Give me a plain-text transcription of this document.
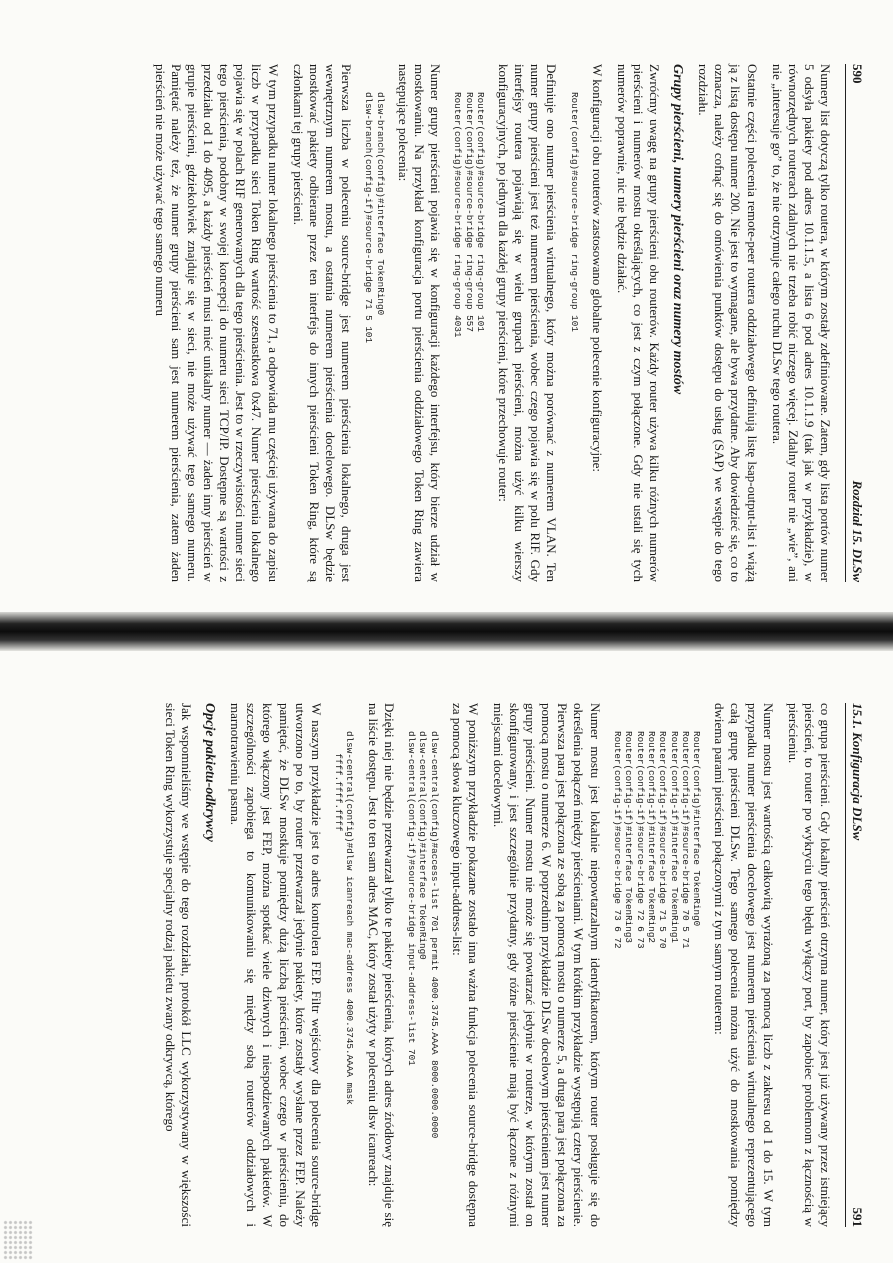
590
Rozdział 15. DLSw

Numery list dotyczą tylko routera, w którym zostały zdefiniowane. Zatem, gdy lista portów numer 5 odsyła pakiety pod adres 10.1.1.5, a lista 6 pod adres 10.1.1.9 (tak jak w przykładzie), w równorzędnych routerach zdalnych nie trzeba robić niczego więcej. Zdalny router nie „wie”, ani nie „interesuje go” to, że nie otrzymuje całego ruchu DLSw tego routera.

Ostatnie części polecenia remote-peer routera oddziałowego definiują listę lsap-output-list i wiążą ją z listą dostępu numer 200. Nie jest to wymagane, ale bywa przydatne. Aby dowiedzieć się, co to oznacza, należy cofnąć się do omówienia punktów dostępu do usług (SAP) we wstępie do tego rozdziału.

Grupy pierścieni, numery pierścieni oraz numery mostów

Zwróćmy uwagę na grupy pierścieni obu routerów. Każdy router używa kilku różnych numerów pierścieni i numerów mostu określających, co jest z czym połączone. Gdy nie ustali się tych numerów poprawnie, nic nie będzie działać.

W konfiguracji obu routerów zastosowano globalne polecenie konfiguracyjne:

Router(config)#source-bridge ring-group 101

Definiuje ono numer pierścienia wirtualnego, który można porównać z numerem VLAN. Ten numer grupy pierścieni jest też numerem pierścienia, wobec czego pojawia się w polu RIF. Gdy interfejsy routera pojawiają się w wielu grupach pierścieni, można użyć kilku wierszy konfiguracyjnych, po jednym dla każdej grupy pierścieni, które przechowuje router:

Router(config)#source-bridge ring-group 101
Router(config)#source-bridge ring-group 557
Router(config)#source-bridge ring-group 4031

Numer grupy pierścieni pojawia się w konfiguracji każdego interfejsu, który bierze udział w mostkowaniu. Na przykład konfiguracja portu pierścienia oddziałowego Token Ring zawiera następujące polecenia:

dlsw-branch(config)#interface TokenRing0
dlsw-branch(config-if)#source-bridge 71 5 101

Pierwsza liczba w poleceniu source-bridge jest numerem pierścienia lokalnego, druga jest wewnętrznym numerem mostu, a ostatnia numerem pierścienia docelowego. DLSw będzie mostkować pakiety odbierane przez ten interfejs do innych pierścieni Token Ring, które są członkami tej grupy pierścieni.

W tym przypadku numer lokalnego pierścienia to 71, a odpowiada mu częściej używana do zapisu liczb w przypadku sieci Token Ring wartość szesnastkowa 0x47. Numer pierścienia lokalnego pojawia się w polach RIF generowanych dla tego pierścienia. Jest to w rzeczywistości numer sieci tego pierścienia, podobny w swojej koncepcji do numeru sieci TCP/IP. Dostępne są wartości z przedziału od 1 do 4095, a każdy pierścień musi mieć unikalny numer — żaden inny pierścień w grupie pierścieni, gdziekolwiek znajduje się w sieci, nie może używać tego samego numeru. Pamiętać należy też, że numer grupy pierścieni sam jest numerem pierścienia, zatem żaden pierścień nie może używać tego samego numeru

15.1. Konfiguracja DLSw
591

co grupa pierścieni. Gdy lokalny pierścień otrzyma numer, który jest już używany przez istniejący pierścień, to router po wykryciu tego błędu wyłączy port, by zapobiec problemom z łącznością w pierścieniu.

Numer mostu jest wartością całkowitą wyrażoną za pomocą liczb z zakresu od 1 do 15. W tym przypadku numer pierścienia docelowego jest numerem pierścienia wirtualnego reprezentującego całą grupę pierścieni DLSw. Tego samego polecenia można użyć do mostkowania pomiędzy dwiema parami pierścieni połączonymi z tym samym routerem:

Router(config)#interface TokenRing0
Router(config-if)#source-bridge 70 5 71
Router(config-if)#interface TokenRing1
Router(config-if)#source-bridge 71 5 70
Router(config-if)#interface TokenRing2
Router(config-if)#source-bridge 72 6 73
Router(config-if)#interface TokenRing3
Router(config-if)#source-bridge 73 6 72

Numer mostu jest lokalnie niepowtarzalnym identyfikatorem, którym router posługuje się do określenia połączeń między pierścieniami. W tym krótkim przykładzie występują cztery pierścienie. Pierwsza para jest połączona ze sobą za pomocą mostu o numerze 5, a druga para jest połączona za pomocą mostu o numerze 6. W poprzednim przykładzie DLSw docelowym pierścieniem jest numer grupy pierścieni. Numer mostu nie może się powtarzać jedynie w routerze, w którym został on skonfigurowany, i jest szczególnie przydatny, gdy różne pierścienie mają być łączone z różnymi miejscami docelowymi.

W poniższym przykładzie pokazane zostało inna ważna funkcja polecenia source-bridge dostępna za pomocą słowa kluczowego input-address-list:

dlsw-central(config)#access-list 701 permit 4000.3745.AAAA 8000.0000.0000
dlsw-central(config)#interface TokenRing0
dlsw-central(config-if)#source-bridge input-address-list 701

Dzięki niej nie będzie przetwarzał tylko te pakiety pierścienia, których adres źródłowy znajduje się na liście dostępu. Jest to ten sam adres MAC, który został użyty w poleceniu dlsw icanreach:

dlsw-central(config)#dlsw icanreach mac-address 4000.3745.AAAA mask
ffff.ffff.ffff

W naszym przykładzie jest to adres kontrolera FEP. Filtr wejściowy dla polecenia source-bridge utworzono po to, by router przetwarzał jedynie pakiety, które zostały wysłane przez FEP. Należy pamiętać, że DLSw mostkuje pomiędzy dużą liczbą pierścieni, wobec czego w pierścieniu, do którego włączony jest FEP, można spotkać wiele dziwnych i niespodziewanych pakietów. W szczególności zapobiega to komunikowaniu się między sobą routerów oddziałowych i marnotrawieniu pasma.

Opcje pakietu-odkrywcy

Jak wspomnieliśmy we wstępie do tego rozdziału, protokół LLC wykorzystywany w większości sieci Token Ring wykorzystuje specjalny rodzaj pakietu zwany odkrywcą, którego
